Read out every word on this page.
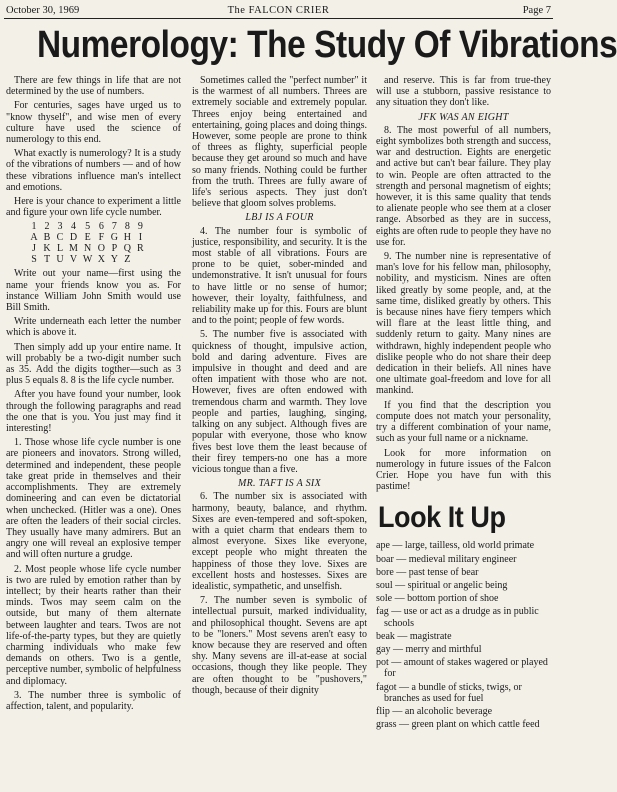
October 30, 1969	The FALCON CRIER	Page 7
Numerology: The Study Of Vibrations

There are few things in life that are not determined by the use of numbers.

For centuries, sages have urged us to "know thyself", and wise men of every culture have used the science of numerology to this end.

What exactly is numerology? It is a study of the vibrations of numbers — and of how these vibrations influence man's intellect and emotions.

Here is your chance to experiment a little and figure your own life cycle number.

1	2	3	4	5	6	7	8	9
A	B	C	D	E	F	G	H	I
J	K	L	M	N	O	P	Q	R
S	T	U	V	W	X	Y	Z	

Write out your name—first using the name your friends know you as. For instance William John Smith would use Bill Smith.

Write underneath each letter the number which is above it.

Then simply add up your entire name. It will probably be a two-digit number such as 35. Add the digits togther—such as 3 plus 5 equals 8. 8 is the life cycle number.

After you have found your number, look through the following paragraphs and read the one that is you. You just may find it interesting!

1. Those whose life cycle number is one are pioneers and inovators. Strong willed, determined and independent, these people take great pride in themselves and their accomplishments. They are extremely domineering and can even be dictatorial when unchecked. (Hitler was a one). Ones are often the leaders of their social circles. They usually have many admirers. But an angry one will reveal an explosive temper and will often nurture a grudge.

2. Most people whose life cycle number is two are ruled by emotion rather than by intellect; by their hearts rather than their minds. Twos may seem calm on the outside, but many of them alternate between laughter and tears. Twos are not life-of-the-party types, but they are quietly charming individuals who make few demands on others. Two is a gentle, perceptive number, symbolic of helpfulness and diplomacy.

3. The number three is symbolic of affection, talent, and popularity.

Sometimes called the "perfect number" it is the warmest of all numbers. Threes are extremely sociable and extremely popular. Threes enjoy being entertained and entertaining, going places and doing things. However, some people are prone to think of threes as flighty, superficial people because they get around so much and have so many friends. Nothing could be further from the truth. Threes are fully aware of life's serious aspects. They just don't believe that gloom solves problems.

LBJ IS A FOUR

4. The number four is symbolic of justice, responsibility, and security. It is the most stable of all vibrations. Fours are prone to be quiet, sober-minded and undemonstrative. It isn't unusual for fours to have little or no sense of humor; however, their loyalty, faithfulness, and reliability make up for this. Fours are blunt and to the point; people of few words.

5. The number five is associated with quickness of thought, impulsive action, bold and daring adventure. Fives are impulsive in thought and deed and are often impatient with those who are not. However, fives are often endowed with tremendous charm and warmth. They love people and parties, laughing, singing, talking on any subject. Although fives are popular with everyone, those who know fives best love them the least because of their firey tempers-no one has a more vicious tongue than a five.

MR. TAFT IS A SIX

6. The number six is associated with harmony, beauty, balance, and rhythm. Sixes are even-tempered and soft-spoken, with a quiet charm that endears them to almost everyone. Sixes like everyone, except people who might threaten the happiness of those they love. Sixes are excellent hosts and hostesses. Sixes are idealistic, sympathetic, and unselfish.

7. The number seven is symbolic of intellectual pursuit, marked individuality, and philosophical thought. Sevens are apt to be "loners." Most sevens aren't easy to know because they are reserved and often shy. Many sevens are ill-at-ease at social occasions, though they like people. They are often thought to be "pushovers," though, because of their dignity

and reserve. This is far from true-they will use a stubborn, passive resistance to any situation they don't like.

JFK WAS AN EIGHT

8. The most powerful of all numbers, eight symbolizes both strength and success, war and destruction. Eights are energetic and active but can't bear failure. They play to win. People are often attracted to the strength and personal magnetism of eights; however, it is this same quality that tends to alienate people who see them at a closer range. Absorbed as they are in success, eights are often rude to people they have no use for.

9. The number nine is representative of man's love for his fellow man, philosophy, nobility, and mysticism. Nines are often liked greatly by some people, and, at the same time, disliked greatly by others. This is because nines have fiery tempers which will flare at the least little thing, and suddenly return to gaity. Many nines are withdrawn, highly independent people who dislike people who do not share their deep dedication in their beliefs. All nines have one ultimate goal-freedom and love for all mankind.

If you find that the description you compute does not match your personality, try a different combination of your name, such as your full name or a nickname.

Look for more information on numerology in future issues of the Falcon Crier. Hope you have fun with this pastime!

Look It Up
ape — large, tailless, old world primate
boar — medieval military engineer
bore — past tense of bear
soul — spiritual or angelic being
sole — bottom portion of shoe
fag — use or act as a drudge as in public schools
beak — magistrate
gay — merry and mirthful
pot — amount of stakes wagered or played for
fagot — a bundle of sticks, twigs, or branches as used for fuel
flip — an alcoholic beverage
grass — green plant on which cattle feed
